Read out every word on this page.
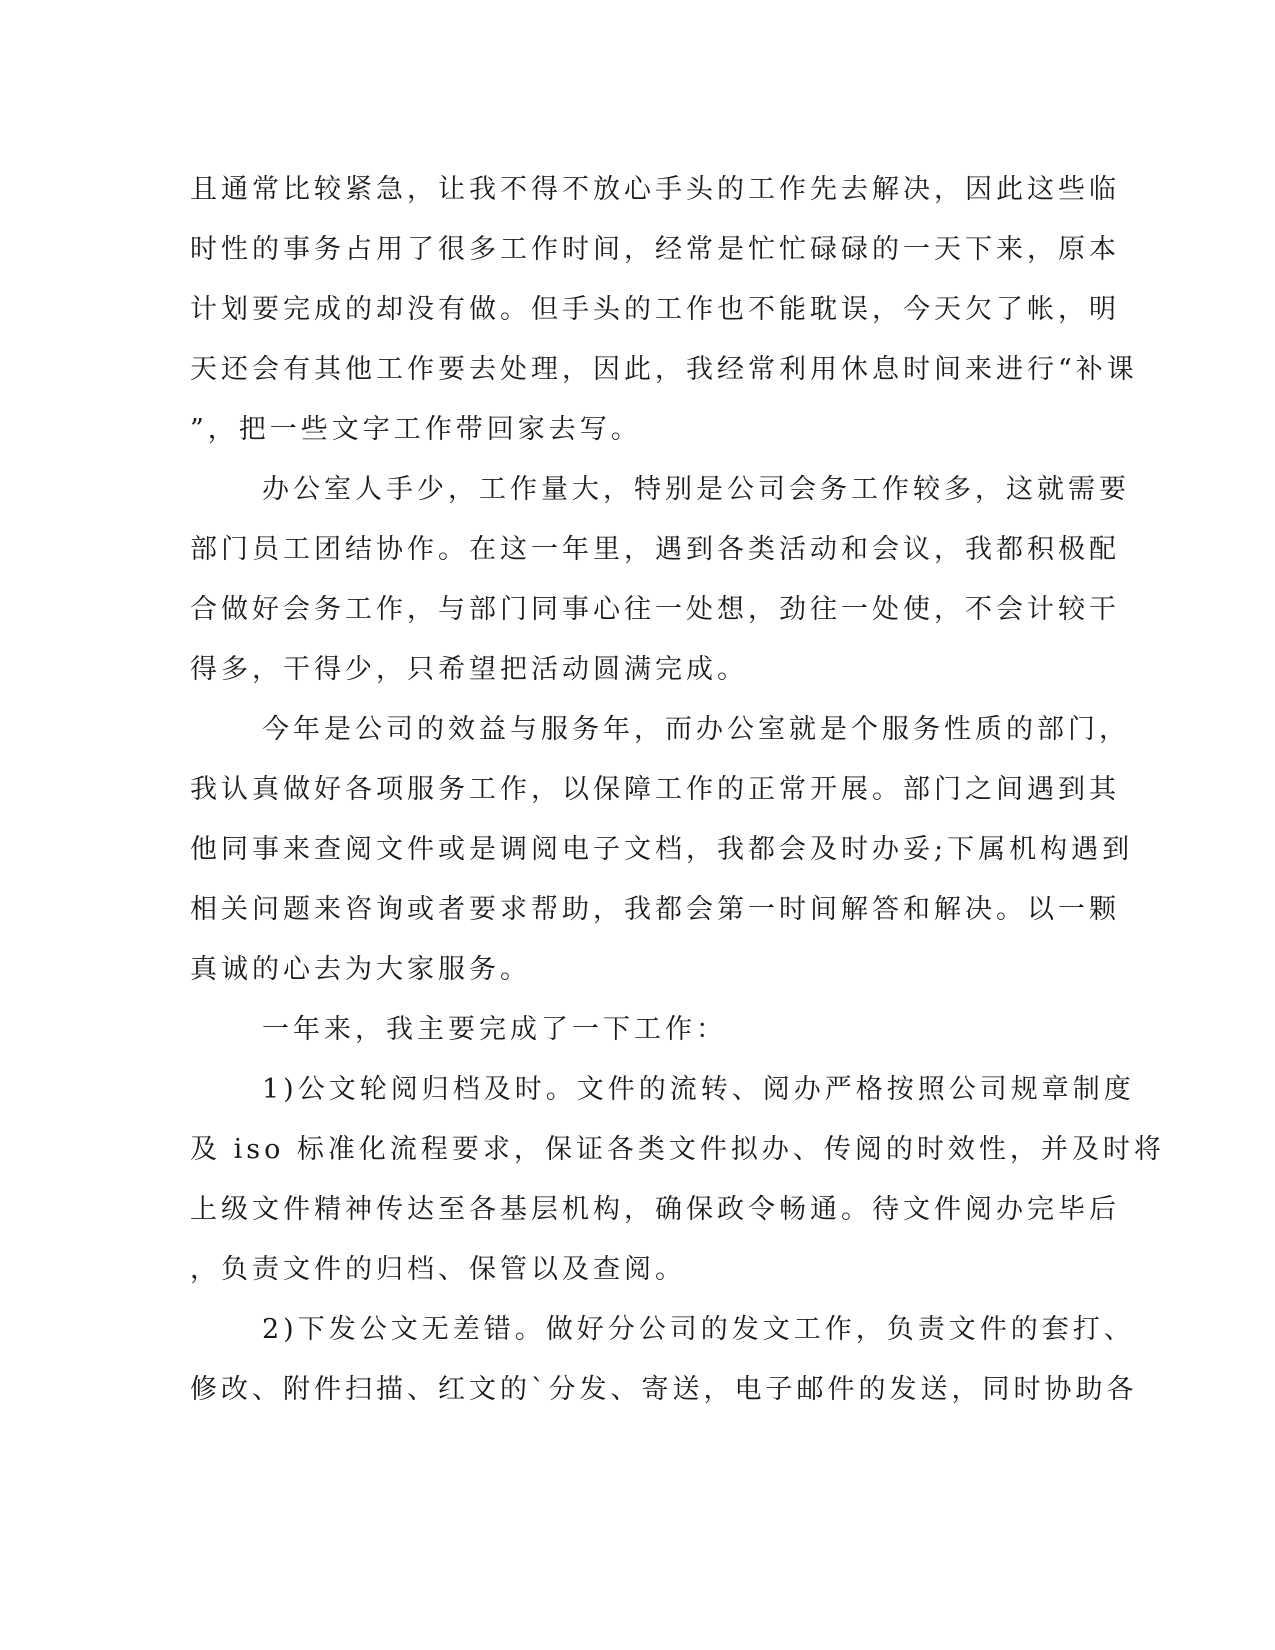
且通常比较紧急，让我不得不放心手头的工作先去解决，因此这些临
时性的事务占用了很多工作时间，经常是忙忙碌碌的一天下来，原本
计划要完成的却没有做。但手头的工作也不能耽误，今天欠了帐，明
天还会有其他工作要去处理，因此，我经常利用休息时间来进行“补课
”，把一些文字工作带回家去写。
办公室人手少，工作量大，特别是公司会务工作较多，这就需要
部门员工团结协作。在这一年里，遇到各类活动和会议，我都积极配
合做好会务工作，与部门同事心往一处想，劲往一处使，不会计较干
得多，干得少，只希望把活动圆满完成。
今年是公司的效益与服务年，而办公室就是个服务性质的部门，
我认真做好各项服务工作，以保障工作的正常开展。部门之间遇到其
他同事来查阅文件或是调阅电子文档，我都会及时办妥;下属机构遇到
相关问题来咨询或者要求帮助，我都会第一时间解答和解决。以一颗
真诚的心去为大家服务。
一年来，我主要完成了一下工作：
1)公文轮阅归档及时。文件的流转、阅办严格按照公司规章制度
及 iso 标准化流程要求，保证各类文件拟办、传阅的时效性，并及时将
上级文件精神传达至各基层机构，确保政令畅通。待文件阅办完毕后
，负责文件的归档、保管以及查阅。
2)下发公文无差错。做好分公司的发文工作，负责文件的套打、
修改、附件扫描、红文的`分发、寄送，电子邮件的发送，同时协助各
